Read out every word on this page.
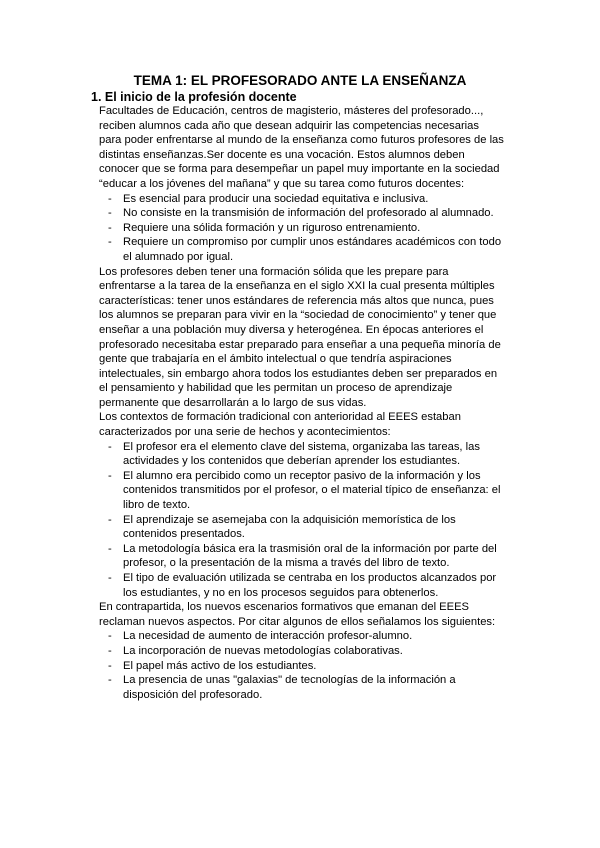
TEMA 1: EL PROFESORADO ANTE LA ENSEÑANZA
1. El inicio de la profesión docente

Facultades de Educación, centros de magisterio, másteres del profesorado..., reciben alumnos cada año que desean adquirir las competencias necesarias para poder enfrentarse al mundo de la enseñanza como futuros profesores de las distintas enseñanzas.Ser docente es una vocación. Estos alumnos deben conocer que se forma para desempeñar un papel muy importante en la sociedad “educar a los jóvenes del mañana” y que su tarea como futuros docentes:

- Es esencial para producir una sociedad equitativa e inclusiva.
- No consiste en la transmisión de información del profesorado al alumnado.
- Requiere una sólida formación y un riguroso entrenamiento.
- Requiere un compromiso por cumplir unos estándares académicos con todo el alumnado por igual.

Los profesores deben tener una formación sólida que les prepare para enfrentarse a la tarea de la enseñanza en el siglo XXI la cual presenta múltiples características: tener unos estándares de referencia más altos que nunca, pues los alumnos se preparan para vivir en la “sociedad de conocimiento” y tener que enseñar a una población muy diversa y heterogénea. En épocas anteriores el profesorado necesitaba estar preparado para enseñar a una pequeña minoría de gente que trabajaría en el ámbito intelectual o que tendría aspiraciones intelectuales, sin embargo ahora todos los estudiantes deben ser preparados en el pensamiento y habilidad que les permitan un proceso de aprendizaje permanente que desarrollarán a lo largo de sus vidas.

Los contextos de formación tradicional con anterioridad al EEES estaban caracterizados por una serie de hechos y acontecimientos:

- El profesor era el elemento clave del sistema, organizaba las tareas, las actividades y los contenidos que deberían aprender los estudiantes.
- El alumno era percibido como un receptor pasivo de la información y los contenidos transmitidos por el profesor, o el material típico de enseñanza: el libro de texto.
- El aprendizaje se asemejaba con la adquisición memorística de los contenidos presentados.
- La metodología básica era la trasmisión oral de la información por parte del profesor, o la presentación de la misma a través del libro de texto.
- El tipo de evaluación utilizada se centraba en los productos alcanzados por los estudiantes, y no en los procesos seguidos para obtenerlos.

En contrapartida, los nuevos escenarios formativos que emanan del EEES reclaman nuevos aspectos. Por citar algunos de ellos señalamos los siguientes:

- La necesidad de aumento de interacción profesor-alumno.
- La incorporación de nuevas metodologías colaborativas.
- El papel más activo de los estudiantes.
- La presencia de unas "galaxias" de tecnologías de la información a disposición del profesorado.
